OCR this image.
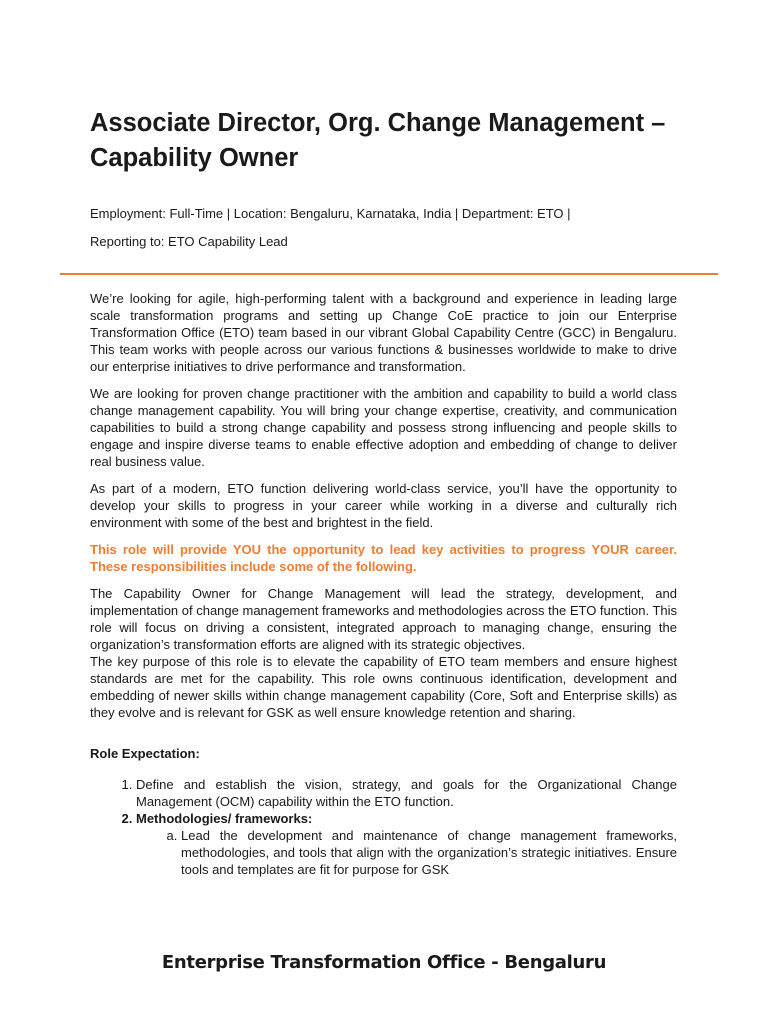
Associate Director, Org. Change Management – Capability Owner
Employment: Full-Time | Location: Bengaluru, Karnataka, India | Department: ETO |
Reporting to: ETO Capability Lead

We’re looking for agile, high-performing talent with a background and experience in leading large scale transformation programs and setting up Change CoE practice to join our Enterprise Transformation Office (ETO) team based in our vibrant Global Capability Centre (GCC) in Bengaluru. This team works with people across our various functions & businesses worldwide to make to drive our enterprise initiatives to drive performance and transformation.

We are looking for proven change practitioner with the ambition and capability to build a world class change management capability. You will bring your change expertise, creativity, and communication capabilities to build a strong change capability and possess strong influencing and people skills to engage and inspire diverse teams to enable effective adoption and embedding of change to deliver real business value.

As part of a modern, ETO function delivering world-class service, you’ll have the opportunity to develop your skills to progress in your career while working in a diverse and culturally rich environment with some of the best and brightest in the field.

This role will provide YOU the opportunity to lead key activities to progress YOUR career. These responsibilities include some of the following.

The Capability Owner for Change Management will lead the strategy, development, and implementation of change management frameworks and methodologies across the ETO function. This role will focus on driving a consistent, integrated approach to managing change, ensuring the organization’s transformation efforts are aligned with its strategic objectives.

The key purpose of this role is to elevate the capability of ETO team members and ensure highest standards are met for the capability. This role owns continuous identification, development and embedding of newer skills within change management capability (Core, Soft and Enterprise skills) as they evolve and is relevant for GSK as well ensure knowledge retention and sharing.

Role Expectation:

1. Define and establish the vision, strategy, and goals for the Organizational Change Management (OCM) capability within the ETO function.
2. Methodologies/ frameworks:
a. Lead the development and maintenance of change management frameworks, methodologies, and tools that align with the organization’s strategic initiatives. Ensure tools and templates are fit for purpose for GSK
Enterprise Transformation Office - Bengaluru
